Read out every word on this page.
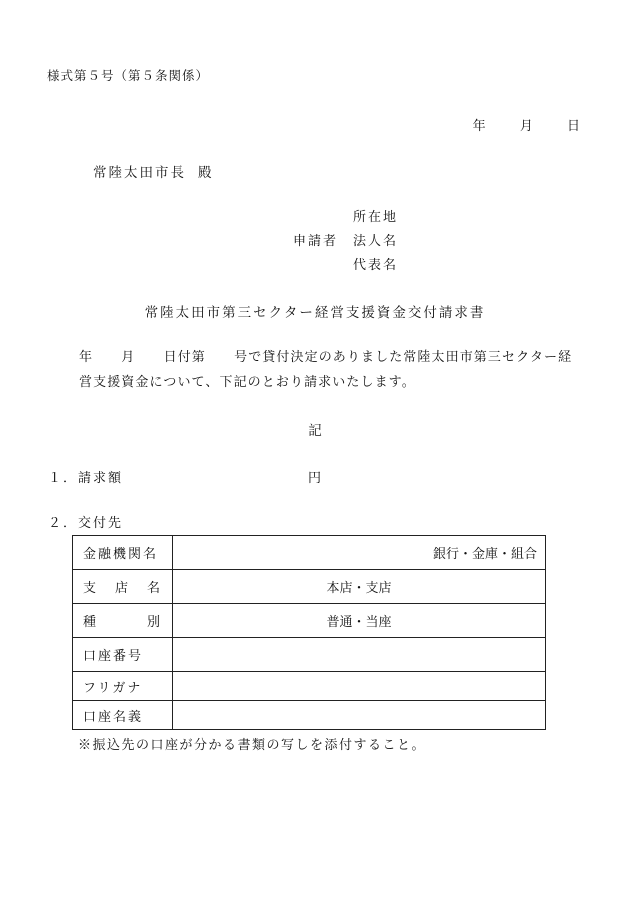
様式第５号（第５条関係）
年	月	日
常陸太田市長 殿
申請者
所在地
法人名
代表名
常陸太田市第三セクター経営支援資金交付請求書
年　　月　　日付第　　号で貸付決定のありました常陸太田市第三セクター経営支援資金について、下記のとおり請求いたします。
記
１．請求額	円
２．交付先
金融機関名	銀行・金庫・組合

支 店 名	本店・支店

種 別	普通・当座
口座番号	
フリガナ	
口座名義	
※振込先の口座が分かる書類の写しを添付すること。
